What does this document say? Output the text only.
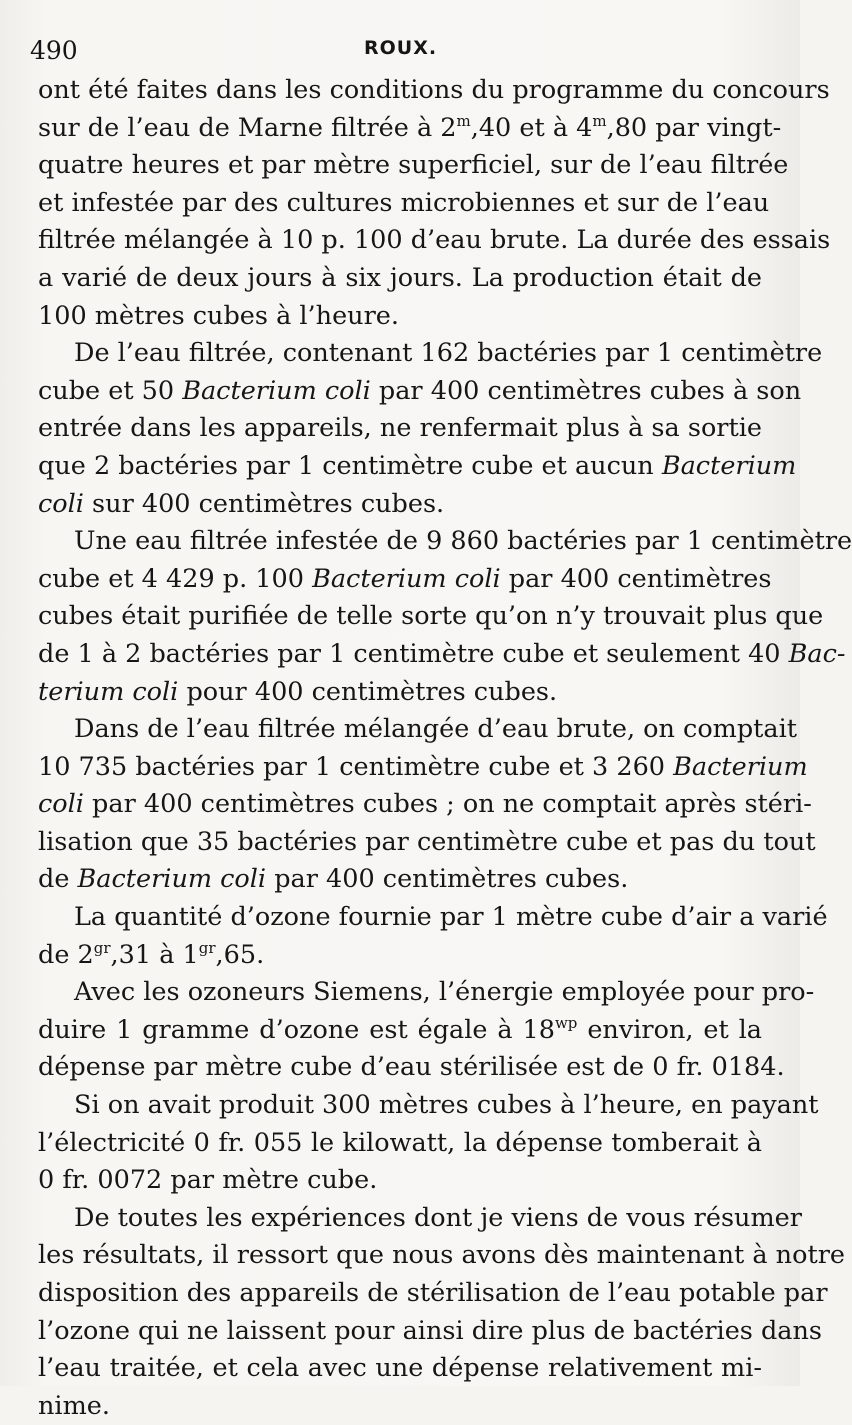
490	ROUX.
ont été faites dans les conditions du programme du concours
sur de l’eau de Marne filtrée à 2$^m$,40 et à 4$^m$,80 par vingt-
quatre heures et par mètre superficiel, sur de l’eau filtrée
et infestée par des cultures microbiennes et sur de l’eau
filtrée mélangée à 10 p. 100 d’eau brute. La durée des essais
a varié de deux jours à six jours. La production était de
100 mètres cubes à l’heure.
De l’eau filtrée, contenant 162 bactéries par 1 centimètre
cube et 50 Bacterium coli par 400 centimètres cubes à son
entrée dans les appareils, ne renfermait plus à sa sortie
que 2 bactéries par 1 centimètre cube et aucun Bacterium
coli sur 400 centimètres cubes.
Une eau filtrée infestée de 9 860 bactéries par 1 centimètre
cube et 4 429 p. 100 Bacterium coli par 400 centimètres
cubes était purifiée de telle sorte qu’on n’y trouvait plus que
de 1 à 2 bactéries par 1 centimètre cube et seulement 40 Bac-
terium coli pour 400 centimètres cubes.
Dans de l’eau filtrée mélangée d’eau brute, on comptait
10 735 bactéries par 1 centimètre cube et 3 260 Bacterium
coli par 400 centimètres cubes ; on ne comptait après stéri-
lisation que 35 bactéries par centimètre cube et pas du tout
de Bacterium coli par 400 centimètres cubes.
La quantité d’ozone fournie par 1 mètre cube d’air a varié
de $2^{gr},31$ à $1^{gr},65$.
Avec les ozoneurs Siemens, l’énergie employée pour pro-
duire 1 gramme d’ozone est égale à $18^{wp}$ environ, et la
dépense par mètre cube d’eau stérilisée est de 0 fr. 0184.
Si on avait produit 300 mètres cubes à l’heure, en payant
l’électricité 0 fr. 055 le kilowatt, la dépense tomberait à
0 fr. 0072 par mètre cube.
De toutes les expériences dont je viens de vous résumer
les résultats, il ressort que nous avons dès maintenant à notre
disposition des appareils de stérilisation de l’eau potable par
l’ozone qui ne laissent pour ainsi dire plus de bactéries dans
l’eau traitée, et cela avec une dépense relativement mi-
nime.
